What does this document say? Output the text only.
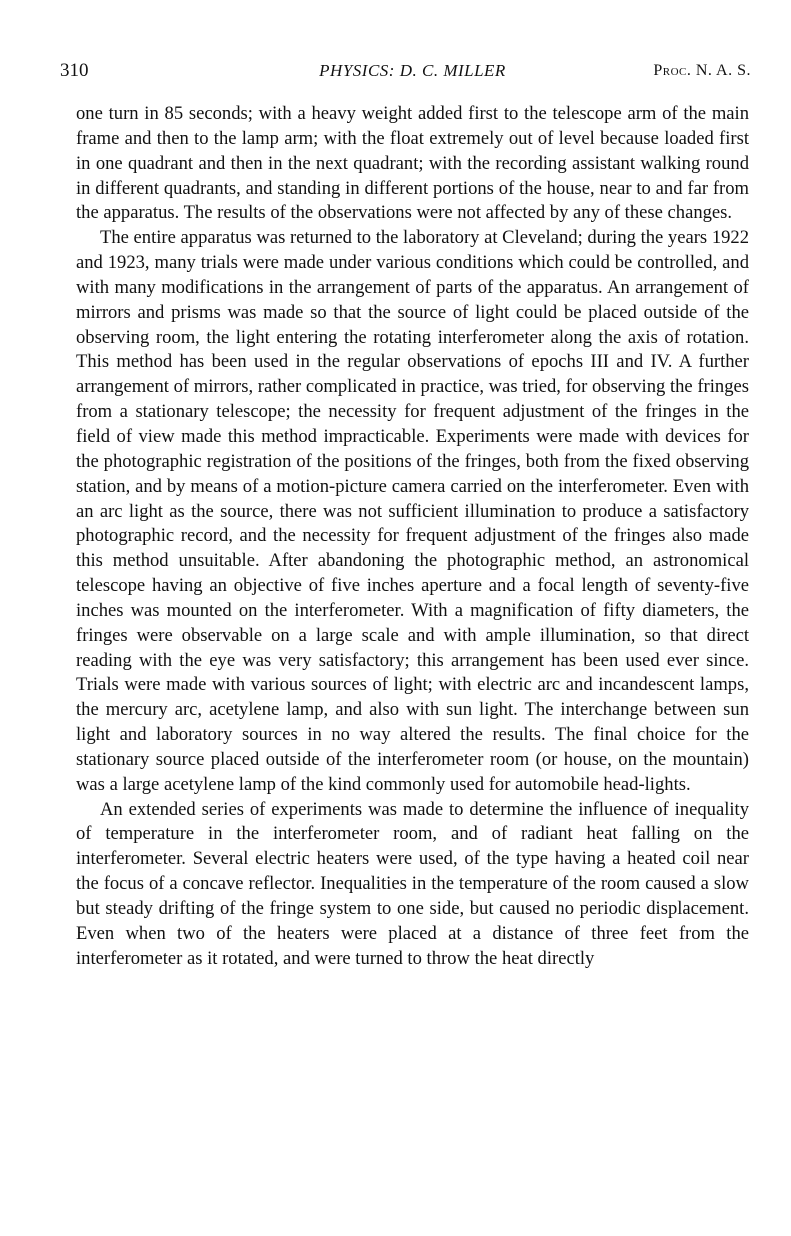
310	PHYSICS: D. C. MILLER	Proc. N. A. S.

one turn in 85 seconds; with a heavy weight added first to the telescope arm of the main frame and then to the lamp arm; with the float extremely out of level because loaded first in one quadrant and then in the next quadrant; with the recording assistant walking round in different quadrants, and standing in different portions of the house, near to and far from the apparatus. The results of the observations were not affected by any of these changes.

The entire apparatus was returned to the laboratory at Cleveland; during the years 1922 and 1923, many trials were made under various conditions which could be controlled, and with many modifications in the arrangement of parts of the apparatus. An arrangement of mirrors and prisms was made so that the source of light could be placed outside of the observing room, the light entering the rotating interferometer along the axis of rotation. This method has been used in the regular observations of epochs III and IV. A further arrangement of mirrors, rather complicated in practice, was tried, for observing the fringes from a stationary telescope; the necessity for frequent adjustment of the fringes in the field of view made this method impracticable. Experiments were made with devices for the photographic registration of the positions of the fringes, both from the fixed observing station, and by means of a motion-picture camera carried on the interferometer. Even with an arc light as the source, there was not sufficient illumination to produce a satisfactory photographic record, and the necessity for frequent adjustment of the fringes also made this method unsuitable. After abandoning the photographic method, an astronomical telescope having an objective of five inches aperture and a focal length of seventy-five inches was mounted on the interferometer. With a magnification of fifty diameters, the fringes were observable on a large scale and with ample illumination, so that direct reading with the eye was very satisfactory; this arrangement has been used ever since. Trials were made with various sources of light; with electric arc and incandescent lamps, the mercury arc, acetylene lamp, and also with sun light. The interchange between sun light and laboratory sources in no way altered the results. The final choice for the stationary source placed outside of the interferometer room (or house, on the mountain) was a large acetylene lamp of the kind commonly used for automobile head-lights.

An extended series of experiments was made to determine the influence of inequality of temperature in the interferometer room, and of radiant heat falling on the interferometer. Several electric heaters were used, of the type having a heated coil near the focus of a concave reflector. Inequalities in the temperature of the room caused a slow but steady drifting of the fringe system to one side, but caused no periodic displacement. Even when two of the heaters were placed at a distance of three feet from the interferometer as it rotated, and were turned to throw the heat directly
